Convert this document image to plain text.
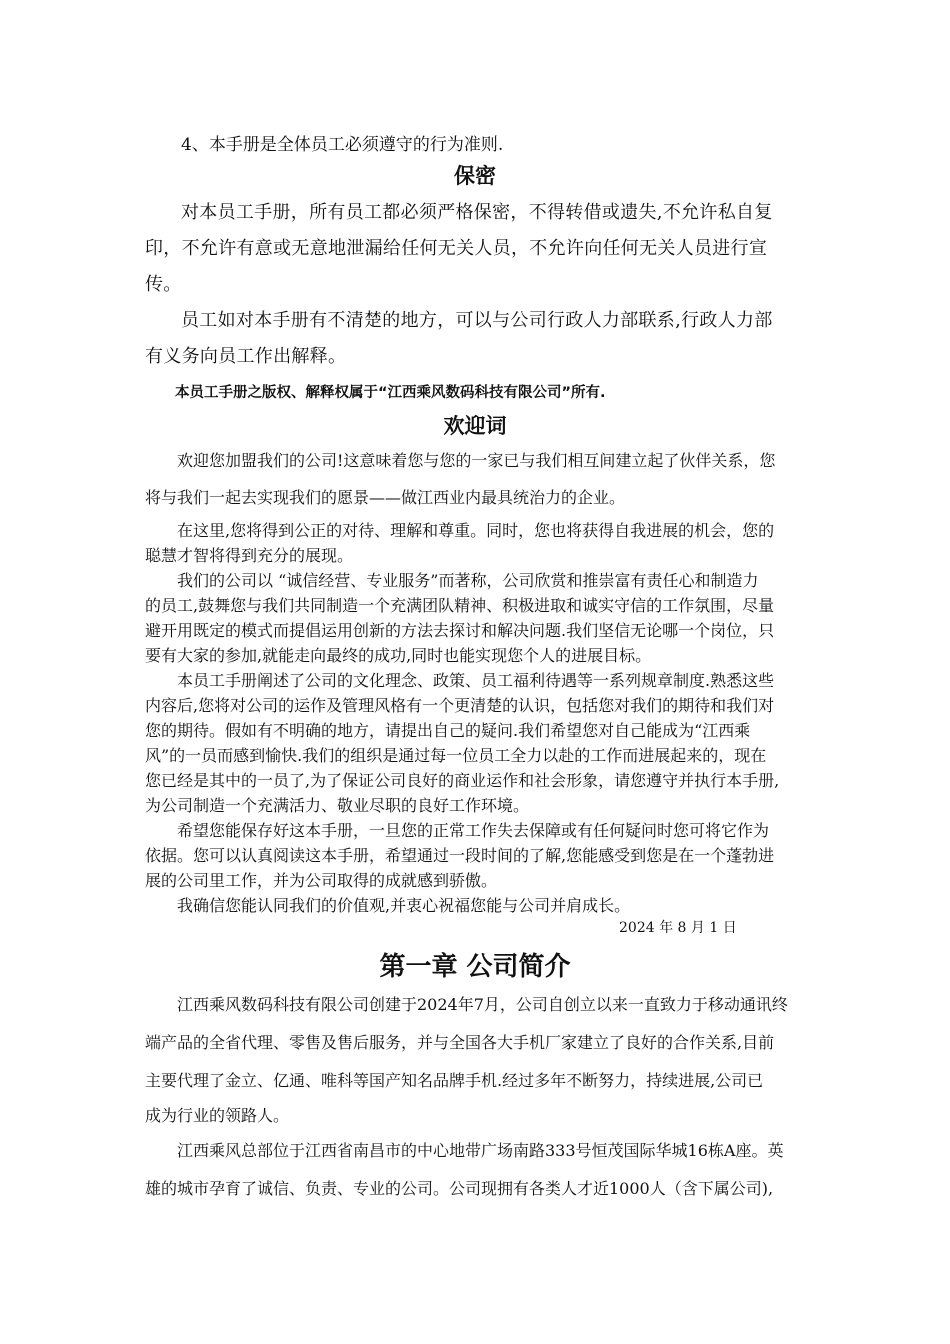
4、本手册是全体员工必须遵守的行为准则.
保密
对本员工手册，所有员工都必须严格保密，不得转借或遗失,不允许私自复
印，不允许有意或无意地泄漏给任何无关人员，不允许向任何无关人员进行宣
传。
员工如对本手册有不清楚的地方，可以与公司行政人力部联系,行政人力部
有义务向员工作出解释。
本员工手册之版权、解释权属于“江西乘风数码科技有限公司”所有.
欢迎词
欢迎您加盟我们的公司!这意味着您与您的一家已与我们相互间建立起了伙伴关系，您
将与我们一起去实现我们的愿景——做江西业内最具统治力的企业。
在这里,您将得到公正的对待、理解和尊重。同时，您也将获得自我进展的机会，您的
聪慧才智将得到充分的展现。
我们的公司以 “诚信经营、专业服务”而著称，公司欣赏和推崇富有责任心和制造力
的员工,鼓舞您与我们共同制造一个充满团队精神、积极进取和诚实守信的工作氛围，尽量
避开用既定的模式而提倡运用创新的方法去探讨和解决问题.我们坚信无论哪一个岗位，只
要有大家的参加,就能走向最终的成功,同时也能实现您个人的进展目标。
本员工手册阐述了公司的文化理念、政策、员工福利待遇等一系列规章制度.熟悉这些
内容后,您将对公司的运作及管理风格有一个更清楚的认识，包括您对我们的期待和我们对
您的期待。假如有不明确的地方，请提出自己的疑问.我们希望您对自己能成为“江西乘
风”的一员而感到愉快.我们的组织是通过每一位员工全力以赴的工作而进展起来的，现在
您已经是其中的一员了,为了保证公司良好的商业运作和社会形象，请您遵守并执行本手册,
为公司制造一个充满活力、敬业尽职的良好工作环境。
希望您能保存好这本手册，一旦您的正常工作失去保障或有任何疑问时您可将它作为
依据。您可以认真阅读这本手册，希望通过一段时间的了解,您能感受到您是在一个蓬勃进
展的公司里工作，并为公司取得的成就感到骄傲。
我确信您能认同我们的价值观,并衷心祝福您能与公司并肩成长。
2024 年 8 月 1 日
第一章 公司简介
江西乘风数码科技有限公司创建于2024年7月，公司自创立以来一直致力于移动通讯终
端产品的全省代理、零售及售后服务，并与全国各大手机厂家建立了良好的合作关系,目前
主要代理了金立、亿通、唯科等国产知名品牌手机.经过多年不断努力，持续进展,公司已
成为行业的领路人。
江西乘风总部位于江西省南昌市的中心地带广场南路333号恒茂国际华城16栋A座。英
雄的城市孕育了诚信、负责、专业的公司。公司现拥有各类人才近1000人（含下属公司),
